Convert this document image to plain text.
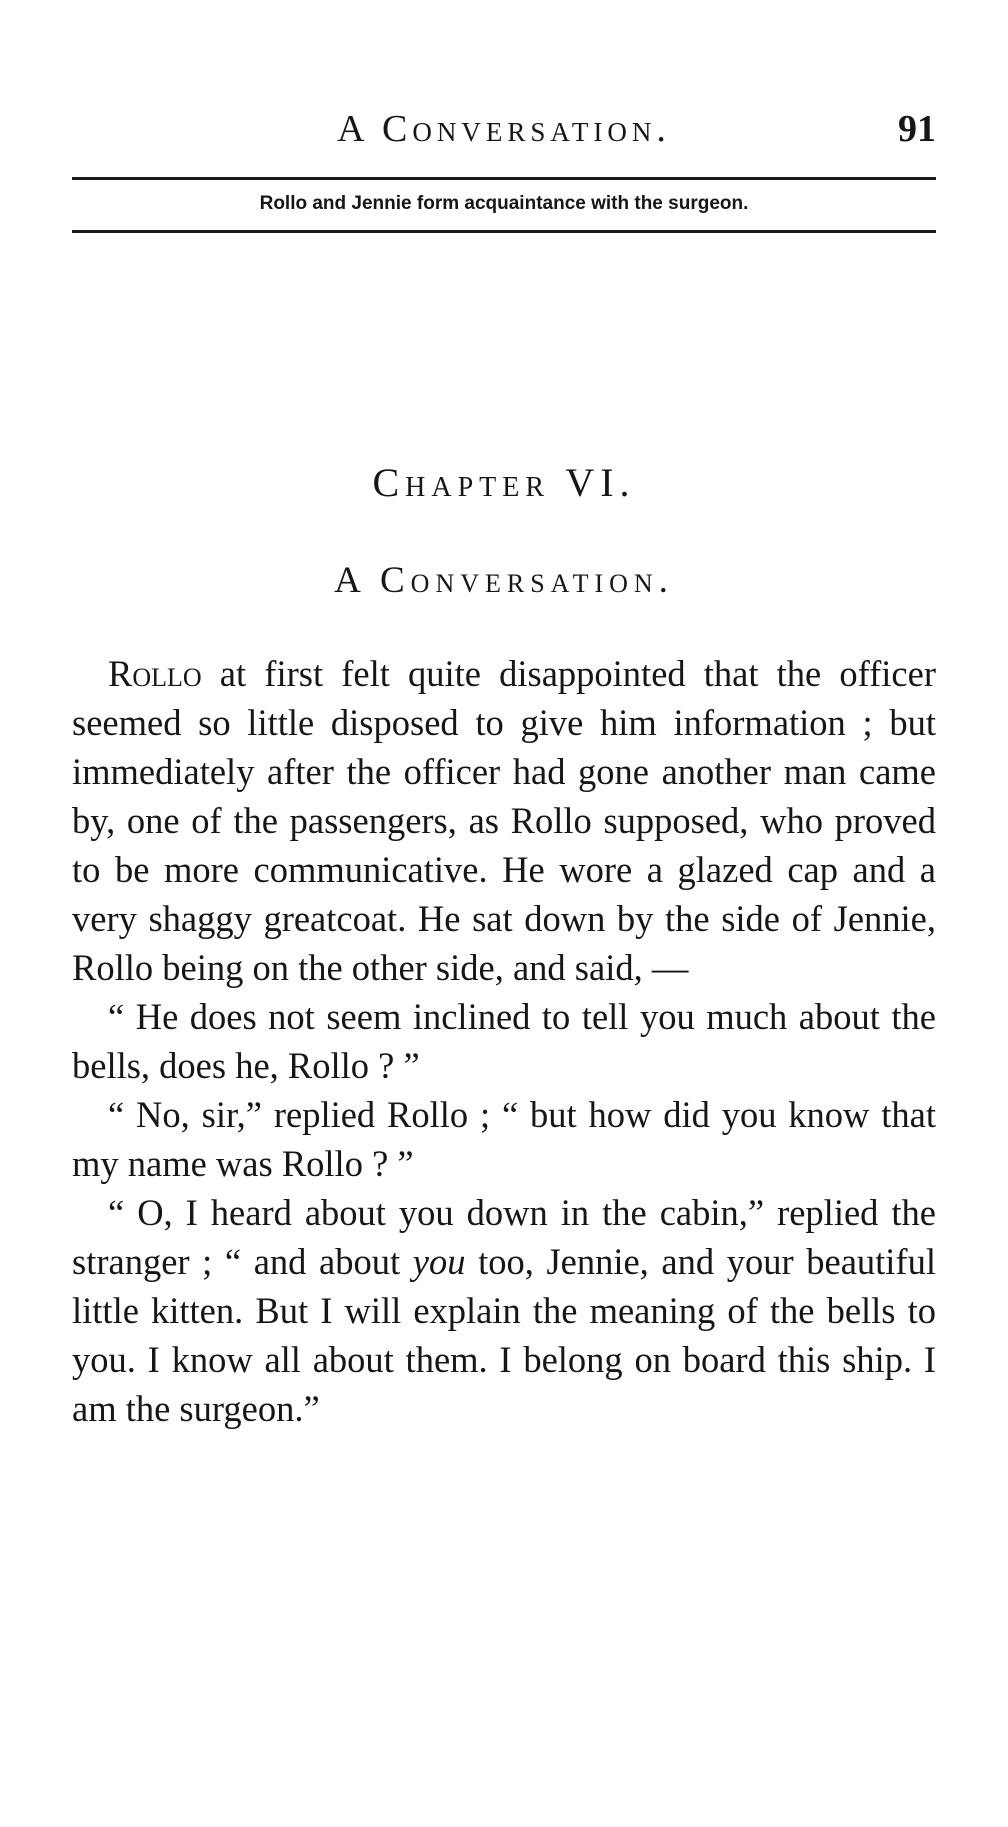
A Conversation.	91
Rollo and Jennie form acquaintance with the surgeon.
Chapter VI.
A Conversation.

Rollo at first felt quite disappointed that the officer seemed so little disposed to give him information ; but immediately after the officer had gone another man came by, one of the passengers, as Rollo supposed, who proved to be more communicative. He wore a glazed cap and a very shaggy greatcoat. He sat down by the side of Jennie, Rollo being on the other side, and said, —

“ He does not seem inclined to tell you much about the bells, does he, Rollo ? ”

“ No, sir,” replied Rollo ; “ but how did you know that my name was Rollo ? ”

“ O, I heard about you down in the cabin,” replied the stranger ; “ and about you too, Jennie, and your beautiful little kitten. But I will explain the meaning of the bells to you. I know all about them. I belong on board this ship. I am the surgeon.”
